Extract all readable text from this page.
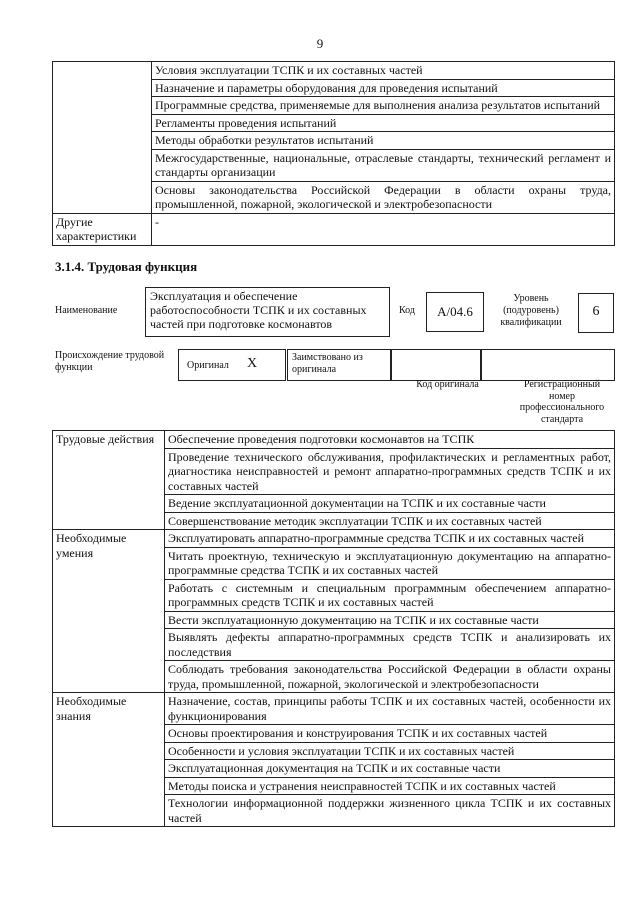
9
	Условия эксплуатации ТСПК и их составных частей
	Назначение и параметры оборудования для проведения испытаний
	Программные средства, применяемые для выполнения анализа результатов испытаний
	Регламенты проведения испытаний
	Методы обработки результатов испытаний
	Межгосударственные, национальные, отраслевые стандарты, технический регламент и стандарты организации
	Основы законодательства Российской Федерации в области охраны труда, промышленной, пожарной, экологической и электробезопасности
Другие характеристики	-
3.1.4. Трудовая функция
Наименование
Эксплуатация и обеспечение работоспособности ТСПК и их составных частей при подготовке космонавтов
Код	A/04.6
Уровень (подуровень) квалификации
6
Происхождение трудовой функции	Оригинал X	Заимствовано из оригинала
Код оригинала	Регистрационный номер профессионального стандарта
Трудовые действия	Обеспечение проведения подготовки космонавтов на ТСПК
	Проведение технического обслуживания, профилактических и регламентных работ, диагностика неисправностей и ремонт аппаратно-программных средств ТСПК и их составных частей
	Ведение эксплуатационной документации на ТСПК и их составные части
	Совершенствование методик эксплуатации ТСПК и их составных частей
Необходимые умения	Эксплуатировать аппаратно-программные средства ТСПК и их составных частей
	Читать проектную, техническую и эксплуатационную документацию на аппаратно-программные средства ТСПК и их составных частей
	Работать с системным и специальным программным обеспечением аппаратно-программных средств ТСПК и их составных частей
	Вести эксплуатационную документацию на ТСПК и их составные части
	Выявлять дефекты аппаратно-программных средств ТСПК и анализировать их последствия
	Соблюдать требования законодательства Российской Федерации в области охраны труда, промышленной, пожарной, экологической и электробезопасности
Необходимые знания	Назначение, состав, принципы работы ТСПК и их составных частей, особенности их функционирования
	Основы проектирования и конструирования ТСПК и их составных частей
	Особенности и условия эксплуатации ТСПК и их составных частей
	Эксплуатационная документация на ТСПК и их составные части
	Методы поиска и устранения неисправностей ТСПК и их составных частей
	Технологии информационной поддержки жизненного цикла ТСПК и их составных частей
